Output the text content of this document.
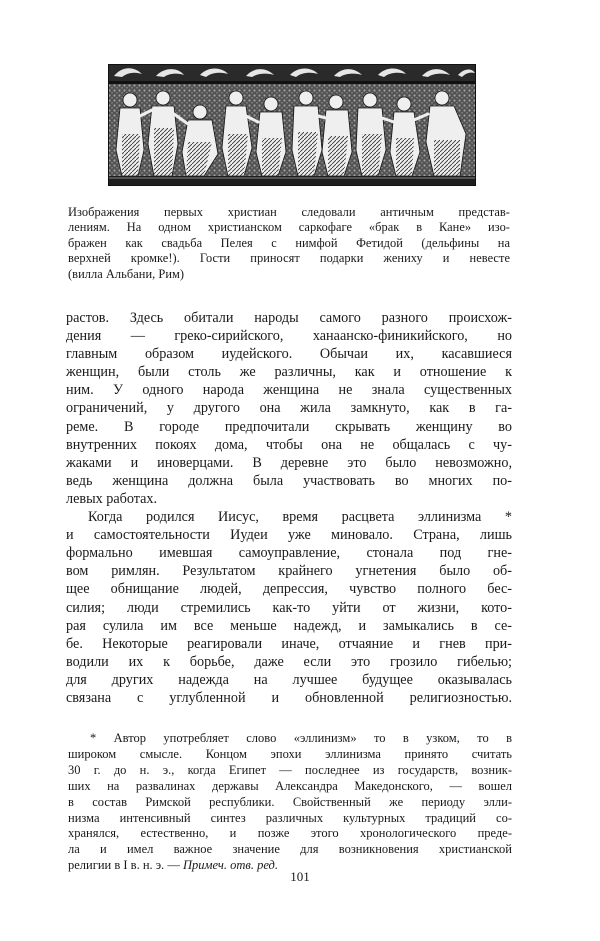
Изображения первых христиан следовали античным представ-
лениям. На одном христианском саркофаге «брак в Кане» изо-
бражен как свадьба Пелея с нимфой Фетидой (дельфины на
верхней кромке!). Гости приносят подарки жениху и невесте
(вилла Альбани, Рим)
растов. Здесь обитали народы самого разного происхож-
дения — греко-сирийского, ханаанско-финикийского, но
главным образом иудейского. Обычаи их, касавшиеся
женщин, были столь же различны, как и отношение к
ним. У одного народа женщина не знала существенных
ограничений, у другого она жила замкнуто, как в га-
реме. В городе предпочитали скрывать женщину во
внутренних покоях дома, чтобы она не общалась с чу-
жаками и иноверцами. В деревне это было невозможно,
ведь женщина должна была участвовать во многих по-
левых работах.
Когда родился Иисус, время расцвета эллинизма *
и самостоятельности Иудеи уже миновало. Страна, лишь
формально имевшая самоуправление, стонала под гне-
вом римлян. Результатом крайнего угнетения было об-
щее обнищание людей, депрессия, чувство полного бес-
силия; люди стремились как-то уйти от жизни, кото-
рая сулила им все меньше надежд, и замыкались в се-
бе. Некоторые реагировали иначе, отчаяние и гнев при-
водили их к борьбе, даже если это грозило гибелью;
для других надежда на лучшее будущее оказывалась
связана с углубленной и обновленной религиозностью.
* Автор употребляет слово «эллинизм» то в узком, то в
широком смысле. Концом эпохи эллинизма принято считать
30 г. до н. э., когда Египет — последнее из государств, возник-
ших на развалинах державы Александра Македонского, — вошел
в состав Римской республики. Свойственный же периоду элли-
низма интенсивный синтез различных культурных традиций со-
хранялся, естественно, и позже этого хронологического преде-
ла и имел важное значение для возникновения христианской
религии в I в. н. э. — Примеч. отв. ред.
101
